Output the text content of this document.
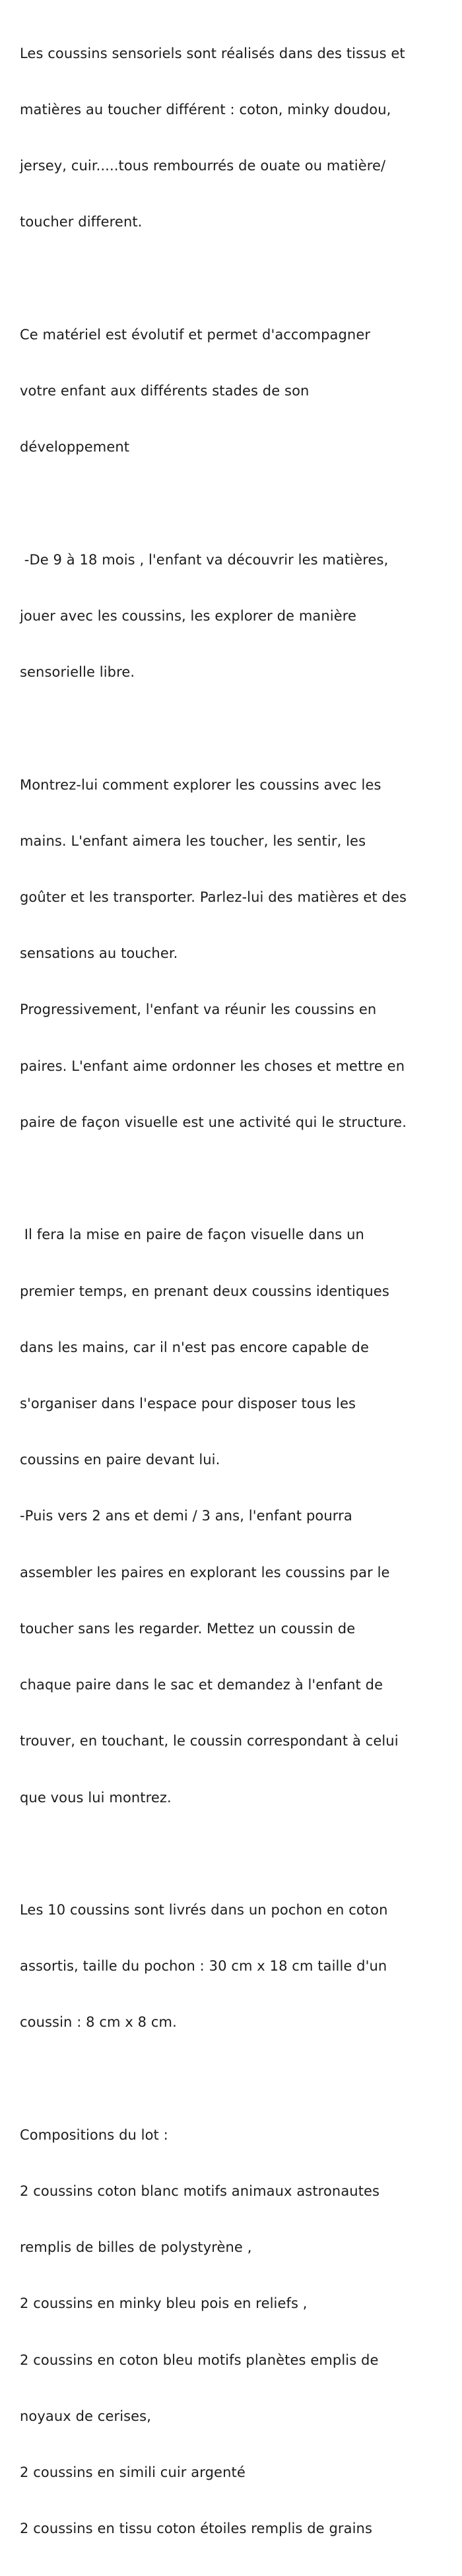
Les coussins sensoriels sont réalisés dans des tissus et

matières au toucher différent : coton, minky doudou,

jersey, cuir.....tous rembourrés de ouate ou matière/

toucher different.

Ce matériel est évolutif et permet d'accompagner

votre enfant aux différents stades de son

développement

-De 9 à 18 mois , l'enfant va découvrir les matières,

jouer avec les coussins, les explorer de manière

sensorielle libre.

Montrez-lui comment explorer les coussins avec les

mains. L'enfant aimera les toucher, les sentir, les

goûter et les transporter. Parlez-lui des matières et des

sensations au toucher.

Progressivement, l'enfant va réunir les coussins en

paires. L'enfant aime ordonner les choses et mettre en

paire de façon visuelle est une activité qui le structure.

Il fera la mise en paire de façon visuelle dans un

premier temps, en prenant deux coussins identiques

dans les mains, car il n'est pas encore capable de

s'organiser dans l'espace pour disposer tous les

coussins en paire devant lui.

-Puis vers 2 ans et demi / 3 ans, l'enfant pourra

assembler les paires en explorant les coussins par le

toucher sans les regarder. Mettez un coussin de

chaque paire dans le sac et demandez à l'enfant de

trouver, en touchant, le coussin correspondant à celui

que vous lui montrez.

Les 10 coussins sont livrés dans un pochon en coton

assortis, taille du pochon : 30 cm x 18 cm taille d'un

coussin : 8 cm x 8 cm.

Compositions du lot :

2 coussins coton blanc motifs animaux astronautes

remplis de billes de polystyrène ,

2 coussins en minky bleu pois en reliefs ,

2 coussins en coton bleu motifs planètes emplis de

noyaux de cerises,

2 coussins en simili cuir argenté

2 coussins en tissu coton étoiles remplis de grains
